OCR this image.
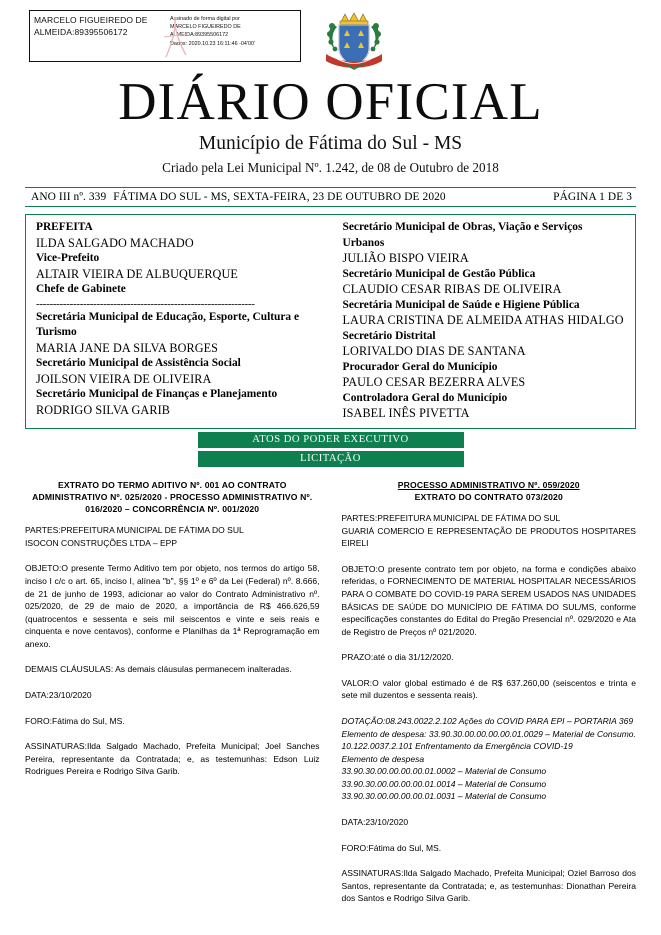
MARCELO FIGUEIREDO DE ALMEIDA:89395506172
Assinado de forma digital por
MARCELO FIGUEIREDO DE
ALMEIDA:89395506172
Dados: 2020.10.23 16:11:46 -04'00'
DIÁRIO OFICIAL
Município de Fátima do Sul - MS
Criado pela Lei Municipal Nº. 1.242, de 08 de Outubro de 2018
ANO III nº. 339 FÁTIMA DO SUL - MS, SEXTA-FEIRA, 23 DE OUTUBRO DE 2020	PÁGINA 1 DE 3
PREFEITA
ILDA SALGADO MACHADO
Vice-Prefeito
ALTAIR VIEIRA DE ALBUQUERQUE
Chefe de Gabinete
-----------------------------------------------------------------
Secretária Municipal de Educação, Esporte, Cultura e Turismo
MARIA JANE DA SILVA BORGES
Secretário Municipal de Assistência Social
JOILSON VIEIRA DE OLIVEIRA
Secretário Municipal de Finanças e Planejamento
RODRIGO SILVA GARIB
Secretário Municipal de Obras, Viação e Serviços Urbanos
JULIÃO BISPO VIEIRA
Secretário Municipal de Gestão Pública
CLAUDIO CESAR RIBAS DE OLIVEIRA
Secretária Municipal de Saúde e Higiene Pública
LAURA CRISTINA DE ALMEIDA ATHAS HIDALGO
Secretário Distrital
LORIVALDO DIAS DE SANTANA
Procurador Geral do Município
PAULO CESAR BEZERRA ALVES
Controladora Geral do Município
ISABEL INÊS PIVETTA
ATOS DO PODER EXECUTIVO
LICITAÇÃO
EXTRATO DO TERMO ADITIVO Nº. 001 AO CONTRATO ADMINISTRATIVO Nº. 025/2020 - PROCESSO ADMINISTRATIVO Nº. 016/2020 – CONCORRÊNCIA Nº. 001/2020
PARTES:PREFEITURA MUNICIPAL DE FÁTIMA DO SUL
ISOCON CONSTRUÇÕES LTDA – EPP
OBJETO:O presente Termo Aditivo tem por objeto, nos termos do artigo 58, inciso I c/c o art. 65, inciso I, alínea "b", §§ 1º e 6º da Lei (Federal) nº. 8.666, de 21 de junho de 1993, adicionar ao valor do Contrato Administrativo nº. 025/2020, de 29 de maio de 2020, a importância de R$ 466.626,59 (quatrocentos e sessenta e seis mil seiscentos e vinte e seis reais e cinquenta e nove centavos), conforme e Planilhas da 1ª Reprogramação em anexo.
DEMAIS CLÁUSULAS: As demais cláusulas permanecem inalteradas.
DATA:23/10/2020
FORO:Fátima do Sul, MS.
ASSINATURAS:Ilda Salgado Machado, Prefeita Municipal; Joel Sanches Pereira, representante da Contratada; e, as testemunhas: Edson Luiz Rodrigues Pereira e Rodrigo Silva Garib.
PROCESSO ADMINISTRATIVO Nº. 059/2020
EXTRATO DO CONTRATO 073/2020
PARTES:PREFEITURA MUNICIPAL DE FÁTIMA DO SUL
GUARIÁ COMERCIO E REPRESENTAÇÃO DE PRODUTOS HOSPITARES EIRELI
OBJETO:O presente contrato tem por objeto, na forma e condições abaixo referidas, o FORNECIMENTO DE MATERIAL HOSPITALAR NECESSÁRIOS PARA O COMBATE DO COVID-19 PARA SEREM USADOS NAS UNIDADES BÁSICAS DE SAÚDE DO MUNICÍPIO DE FÁTIMA DO SUL/MS, conforme especificações constantes do Edital do Pregão Presencial nº. 029/2020 e Ata de Registro de Preços nº 021/2020.
PRAZO:até o dia 31/12/2020.
VALOR:O valor global estimado é de R$ 637.260,00 (seiscentos e trinta e sete mil duzentos e sessenta reais).
DOTAÇÃO:08.243.0022.2.102 Ações do COVID PARA EPI – PORTARIA 369
Elemento de despesa: 33.90.30.00.00.00.00.01.0029 – Material de Consumo.
10.122.0037.2.101 Enfrentamento da Emergência COVID-19
Elemento de despesa
33.90.30.00.00.00.00.01.0002 – Material de Consumo
33.90.30.00.00.00.00.01.0014 – Material de Consumo
33.90.30.00.00.00.00.01.0031 – Material de Consumo
DATA:23/10/2020
FORO:Fátima do Sul, MS.
ASSINATURAS:Ilda Salgado Machado, Prefeita Municipal; Oziel Barroso dos Santos, representante da Contratada; e, as testemunhas: Dionathan Pereira dos Santos e Rodrigo Silva Garib.
